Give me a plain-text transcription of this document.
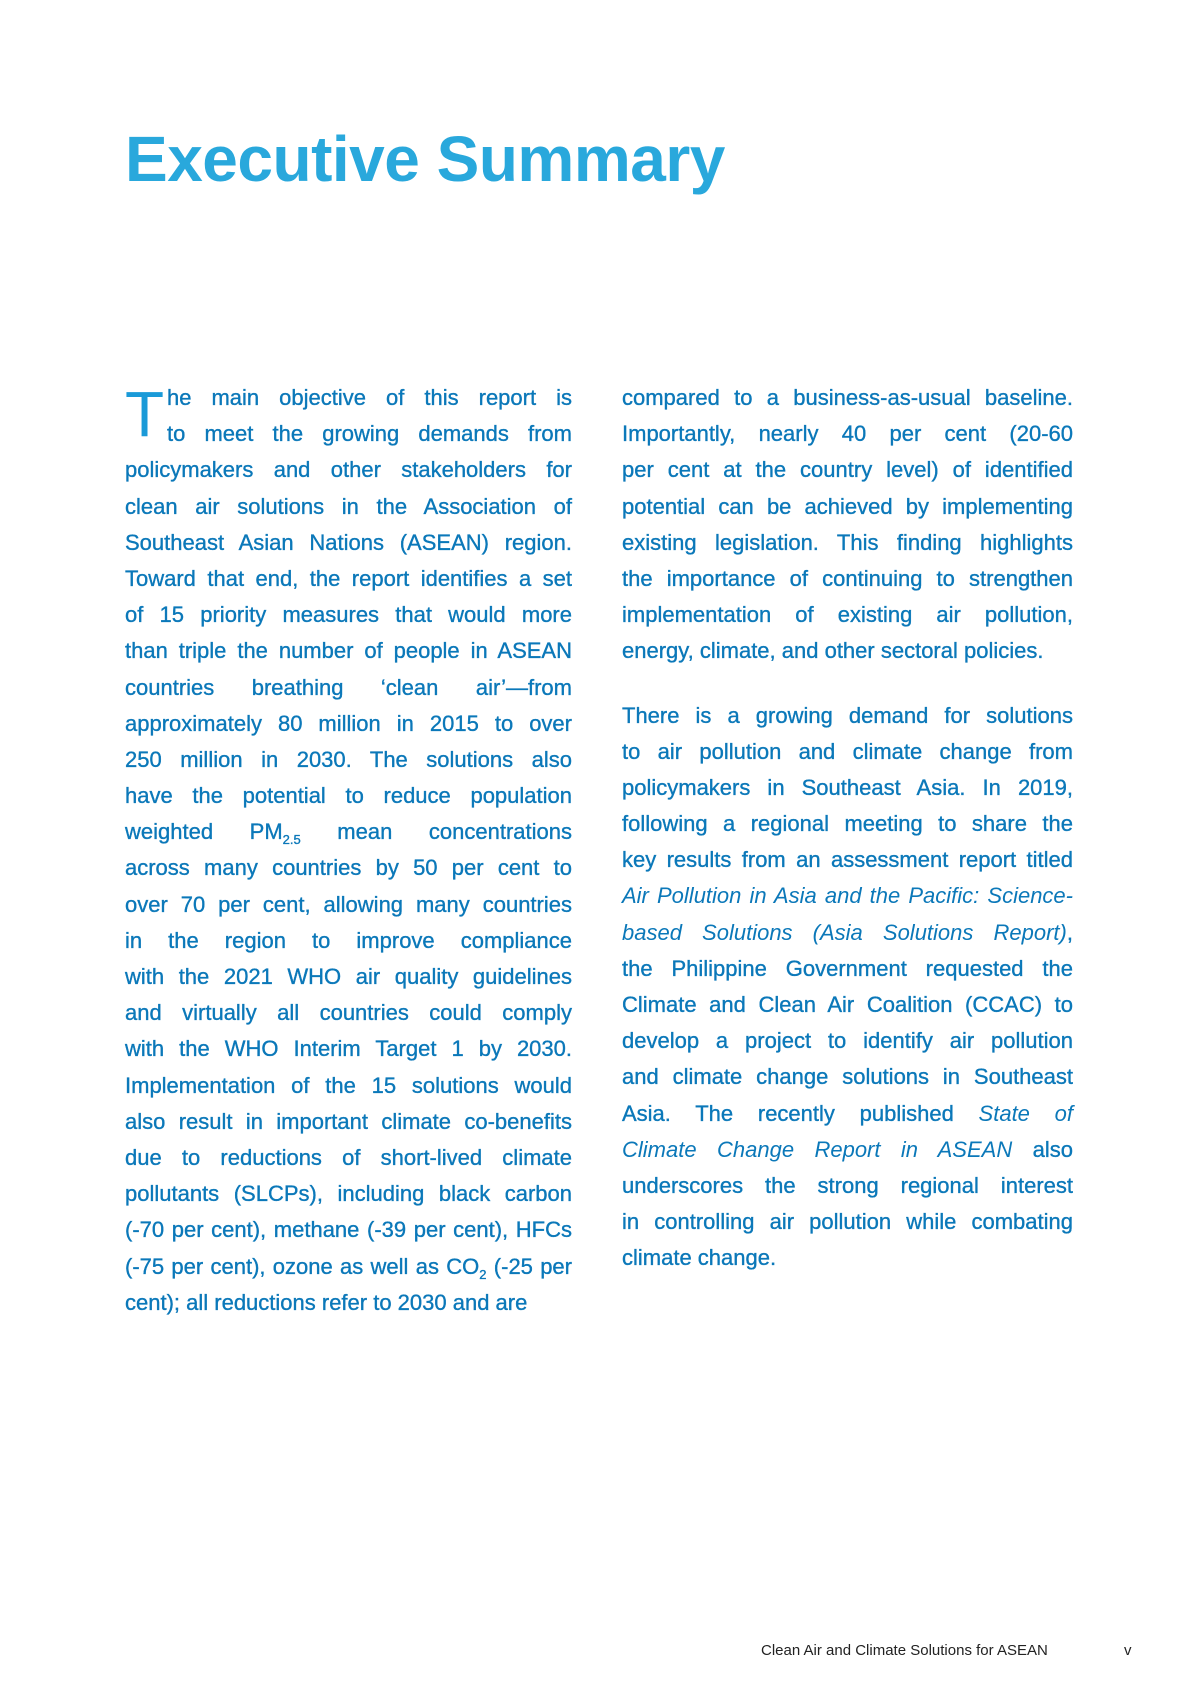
Executive Summary
T he main objective of this report is
to meet the growing demands from
policymakers and other stakeholders for
clean air solutions in the Association of
Southeast Asian Nations (ASEAN) region.
Toward that end, the report identifies a set
of 15 priority measures that would more
than triple the number of people in ASEAN
countries breathing ‘clean air’—from
approximately 80 million in 2015 to over
250 million in 2030. The solutions also
have the potential to reduce population
weighted $PM_{2.5}$ mean concentrations
across many countries by 50 per cent to
over 70 per cent, allowing many countries
in the region to improve compliance
with the 2021 WHO air quality guidelines
and virtually all countries could comply
with the WHO Interim Target 1 by 2030.
Implementation of the 15 solutions would
also result in important climate co-benefits
due to reductions of short-lived climate
pollutants (SLCPs), including black carbon
(-70 per cent), methane (-39 per cent), HFCs
(-75 per cent), ozone as well as $CO_2$ (-25 per
cent); all reductions refer to 2030 and are
compared to a business-as-usual baseline.
Importantly, nearly 40 per cent (20-60
per cent at the country level) of identified
potential can be achieved by implementing
existing legislation. This finding highlights
the importance of continuing to strengthen
implementation of existing air pollution,
energy, climate, and other sectoral policies.
There is a growing demand for solutions
to air pollution and climate change from
policymakers in Southeast Asia. In 2019,
following a regional meeting to share the
key results from an assessment report titled
Air Pollution in Asia and the Pacific: Science-
based Solutions (Asia Solutions Report),
the Philippine Government requested the
Climate and Clean Air Coalition (CCAC) to
develop a project to identify air pollution
and climate change solutions in Southeast
Asia. The recently published State of
Climate Change Report in ASEAN also
underscores the strong regional interest
in controlling air pollution while combating
climate change.
Clean Air and Climate Solutions for ASEAN	v
